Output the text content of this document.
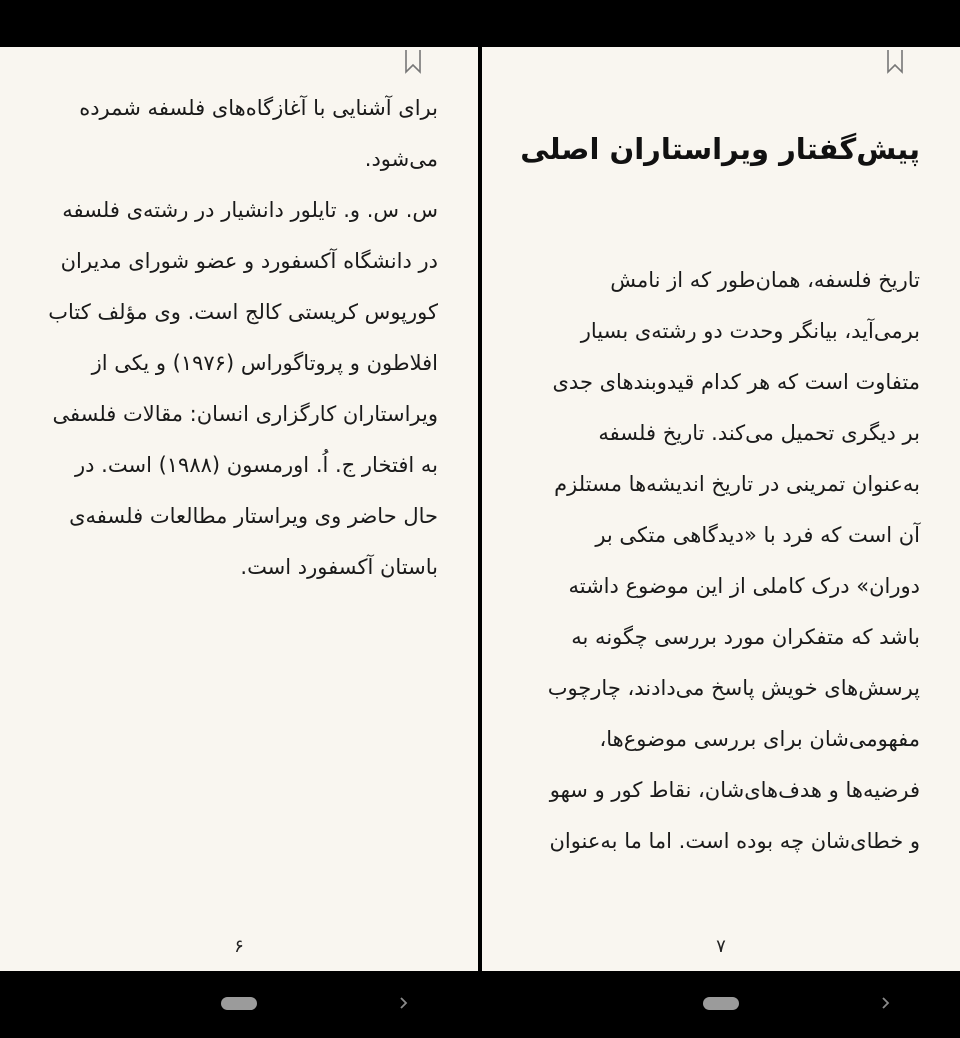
برای آشنایی با آغازگاه‌های فلسفه شمرده می‌شود.

س. س. و. تایلور دانشیار در رشته‌ی فلسفه در دانشگاه آکسفورد و عضو شورای مدیران کورپوس کریستی کالج است. وی مؤلف کتاب افلاطون و پروتاگوراس (۱۹۷۶) و یکی از ویراستاران کارگزاری انسان: مقالات فلسفی به افتخار ج. اُ. اورمسون (۱۹۸۸) است. در حال حاضر وی ویراستار مطالعات فلسفه‌ی باستان آکسفورد است.

۶
پیش‌گفتار ویراستاران اصلی

تاریخ فلسفه، همان‌طور که از نامش برمی‌آید، بیانگر وحدت دو رشته‌ی بسیار متفاوت است که هر کدام قیدوبندهای جدی بر دیگری تحمیل می‌کند. تاریخ فلسفه به‌عنوان تمرینی در تاریخ اندیشه‌ها مستلزم آن است که فرد با «دیدگاهی متکی بر دوران» درک کاملی از این موضوع داشته باشد که متفکران مورد بررسی چگونه به پرسش‌های خویش پاسخ می‌دادند، چارچوب مفهومی‌شان برای بررسی موضوع‌ها، فرضیه‌ها و هدف‌های‌شان، نقاط کور و سهو و خطای‌شان چه بوده است. اما ما به‌عنوان

۷
